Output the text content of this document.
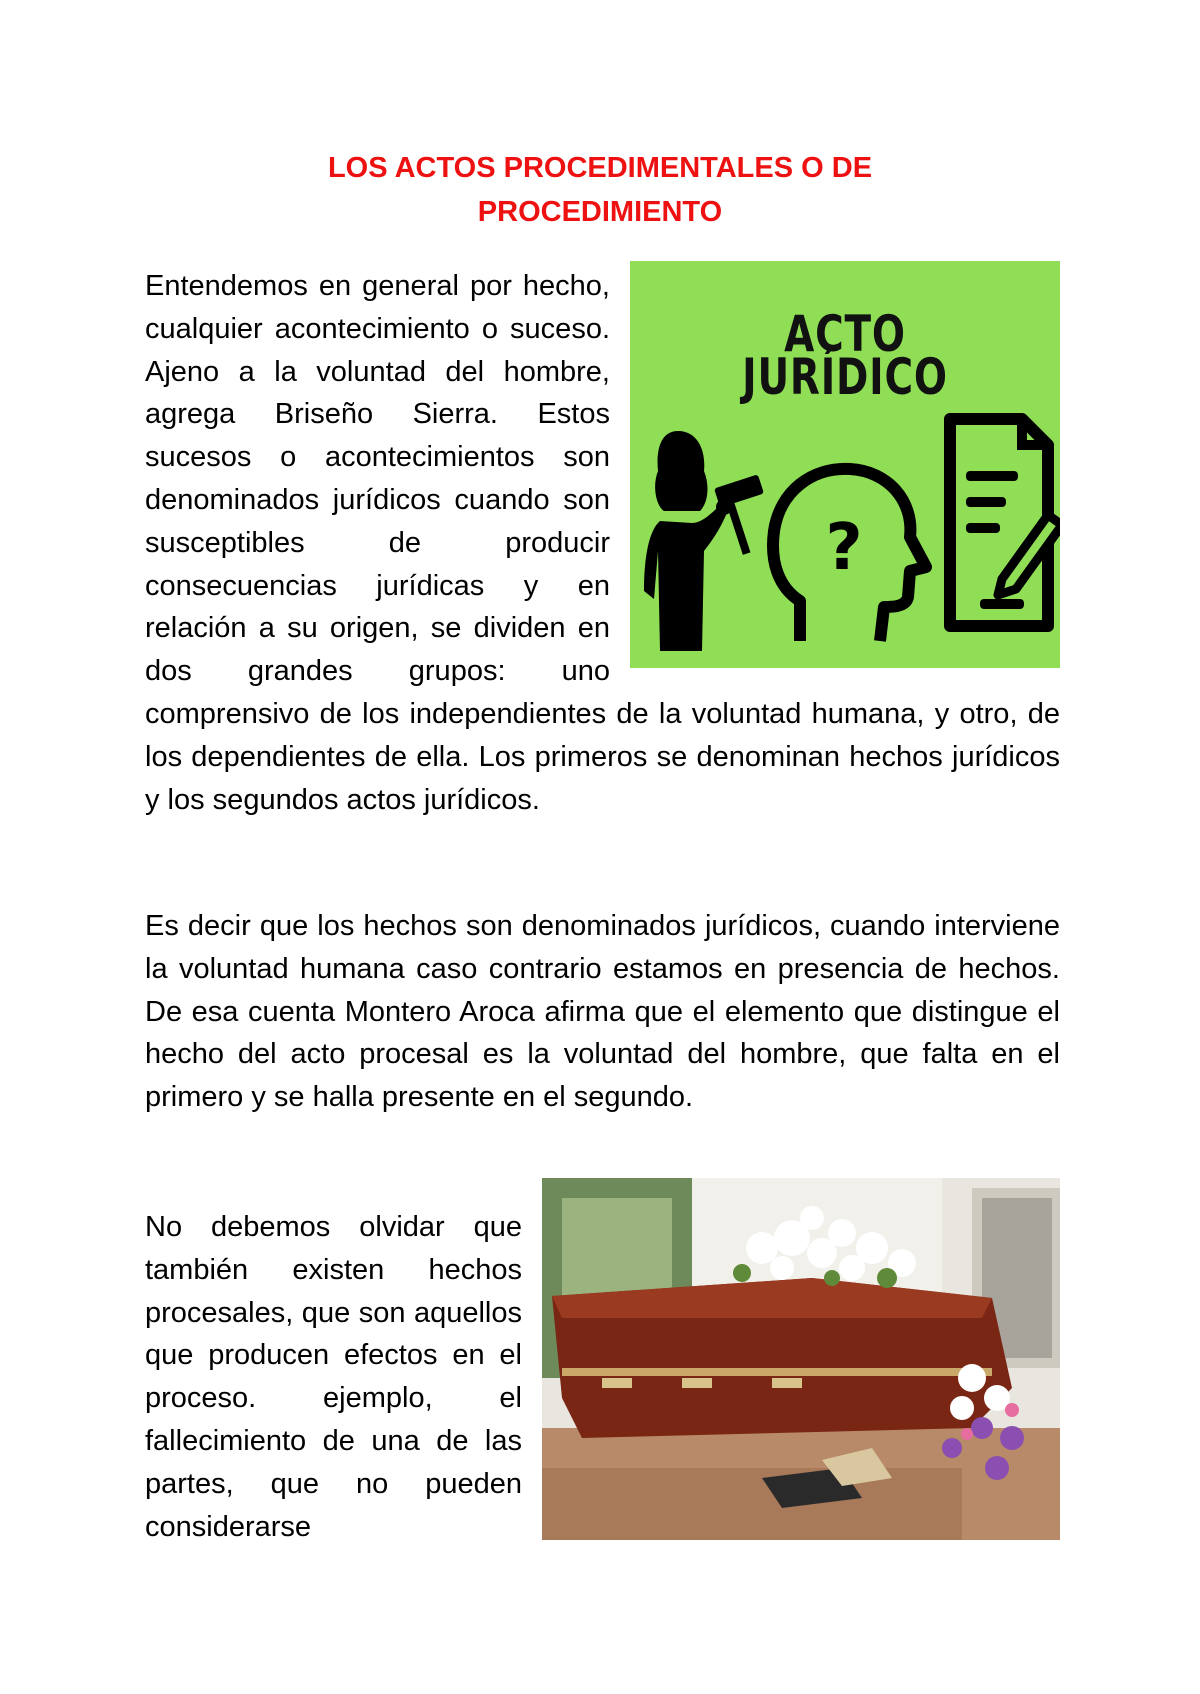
LOS ACTOS PROCEDIMENTALES O DE
PROCEDIMIENTO
ACTO JURÍDICO
?

Entendemos en general por hecho, cualquier acontecimiento o suceso. Ajeno a la voluntad del hombre, agrega Briseño Sierra. Estos sucesos o acontecimientos son denominados jurídicos cuando son susceptibles de producir consecuencias jurídicas y en relación a su origen, se dividen en dos grandes grupos: uno comprensivo de los independientes de la voluntad humana, y otro, de los dependientes de ella. Los primeros se denominan hechos jurídicos y los segundos actos jurídicos.

Es decir que los hechos son denominados jurídicos, cuando interviene la voluntad humana caso contrario estamos en presencia de hechos. De esa cuenta Montero Aroca afirma que el elemento que distingue el hecho del acto procesal es la voluntad del hombre, que falta en el primero y se halla presente en el segundo.

No debemos olvidar que también existen hechos procesales, que son aquellos que producen efectos en el proceso. ejemplo, el fallecimiento de una de las partes, que no pueden considerarse
